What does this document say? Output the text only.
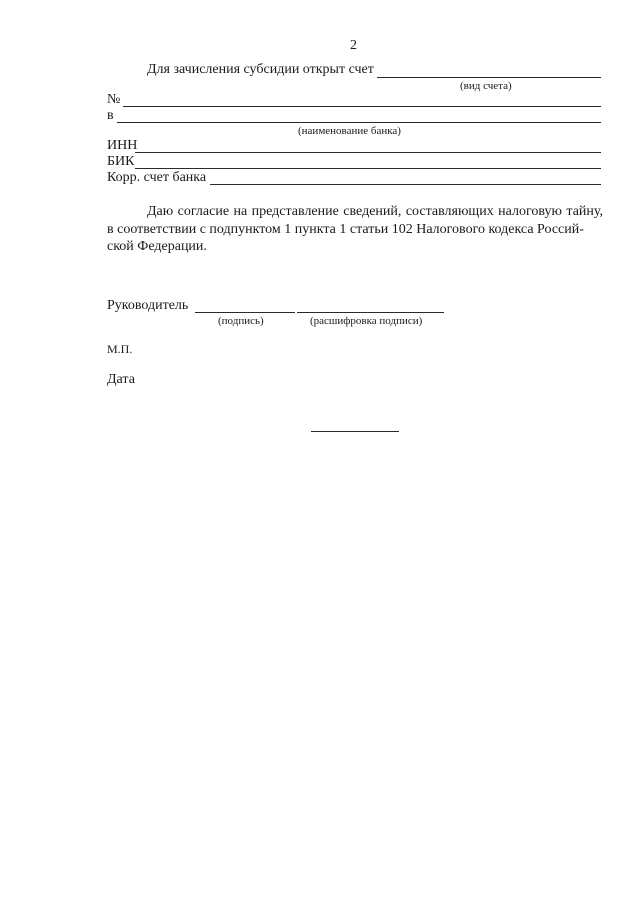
2
Для зачисления субсидии открыт счет
(вид счета)
№
в
(наименование банка)
ИНН
БИК
Корр. счет банка
Даю согласие на представление сведений, составляющих налоговую тайну, в соответствии с подпунктом 1 пункта 1 статьи 102 Налогового кодекса Россий-
ской Федерации.
Руководитель
(подпись)	(расшифровка подписи)
М.П.
Дата
